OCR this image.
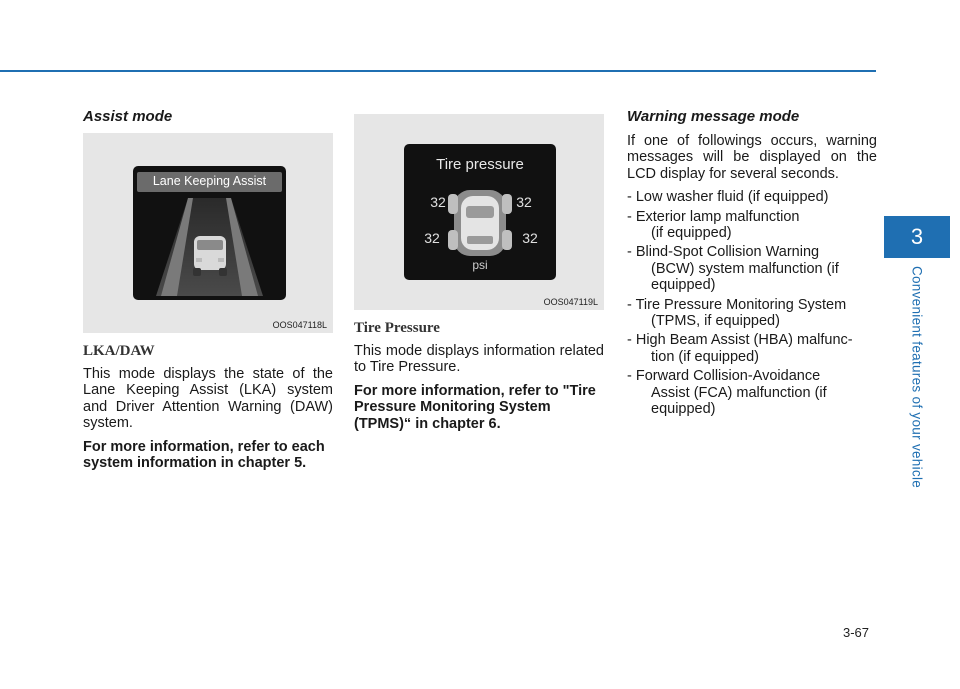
3
Convenient features of your vehicle
Assist mode
Lane Keeping Assist
OOS047118L
LKA/DAW

This mode displays the state of the Lane Keeping Assist (LKA) system and Driver Attention Warning (DAW) system.

For more information, refer to each system information in chapter 5.

Tire pressure
32	32
32	32
psi
OOS047119L
Tire Pressure

This mode displays information related to Tire Pressure.

For more information, refer to "Tire Pressure Monitoring System (TPMS)“ in chapter 6.

Warning message mode

If one of followings occurs, warning messages will be displayed on the LCD display for several seconds.

- Low washer fluid (if equipped)
- Exterior lamp malfunction
(if equipped)
- Blind-Spot Collision Warning
(BCW) system malfunction (if equipped)
- Tire Pressure Monitoring System
(TPMS, if equipped)
- High Beam Assist (HBA) malfunc-
tion (if equipped)
- Forward Collision-Avoidance
Assist (FCA) malfunction (if equipped)
3-67
